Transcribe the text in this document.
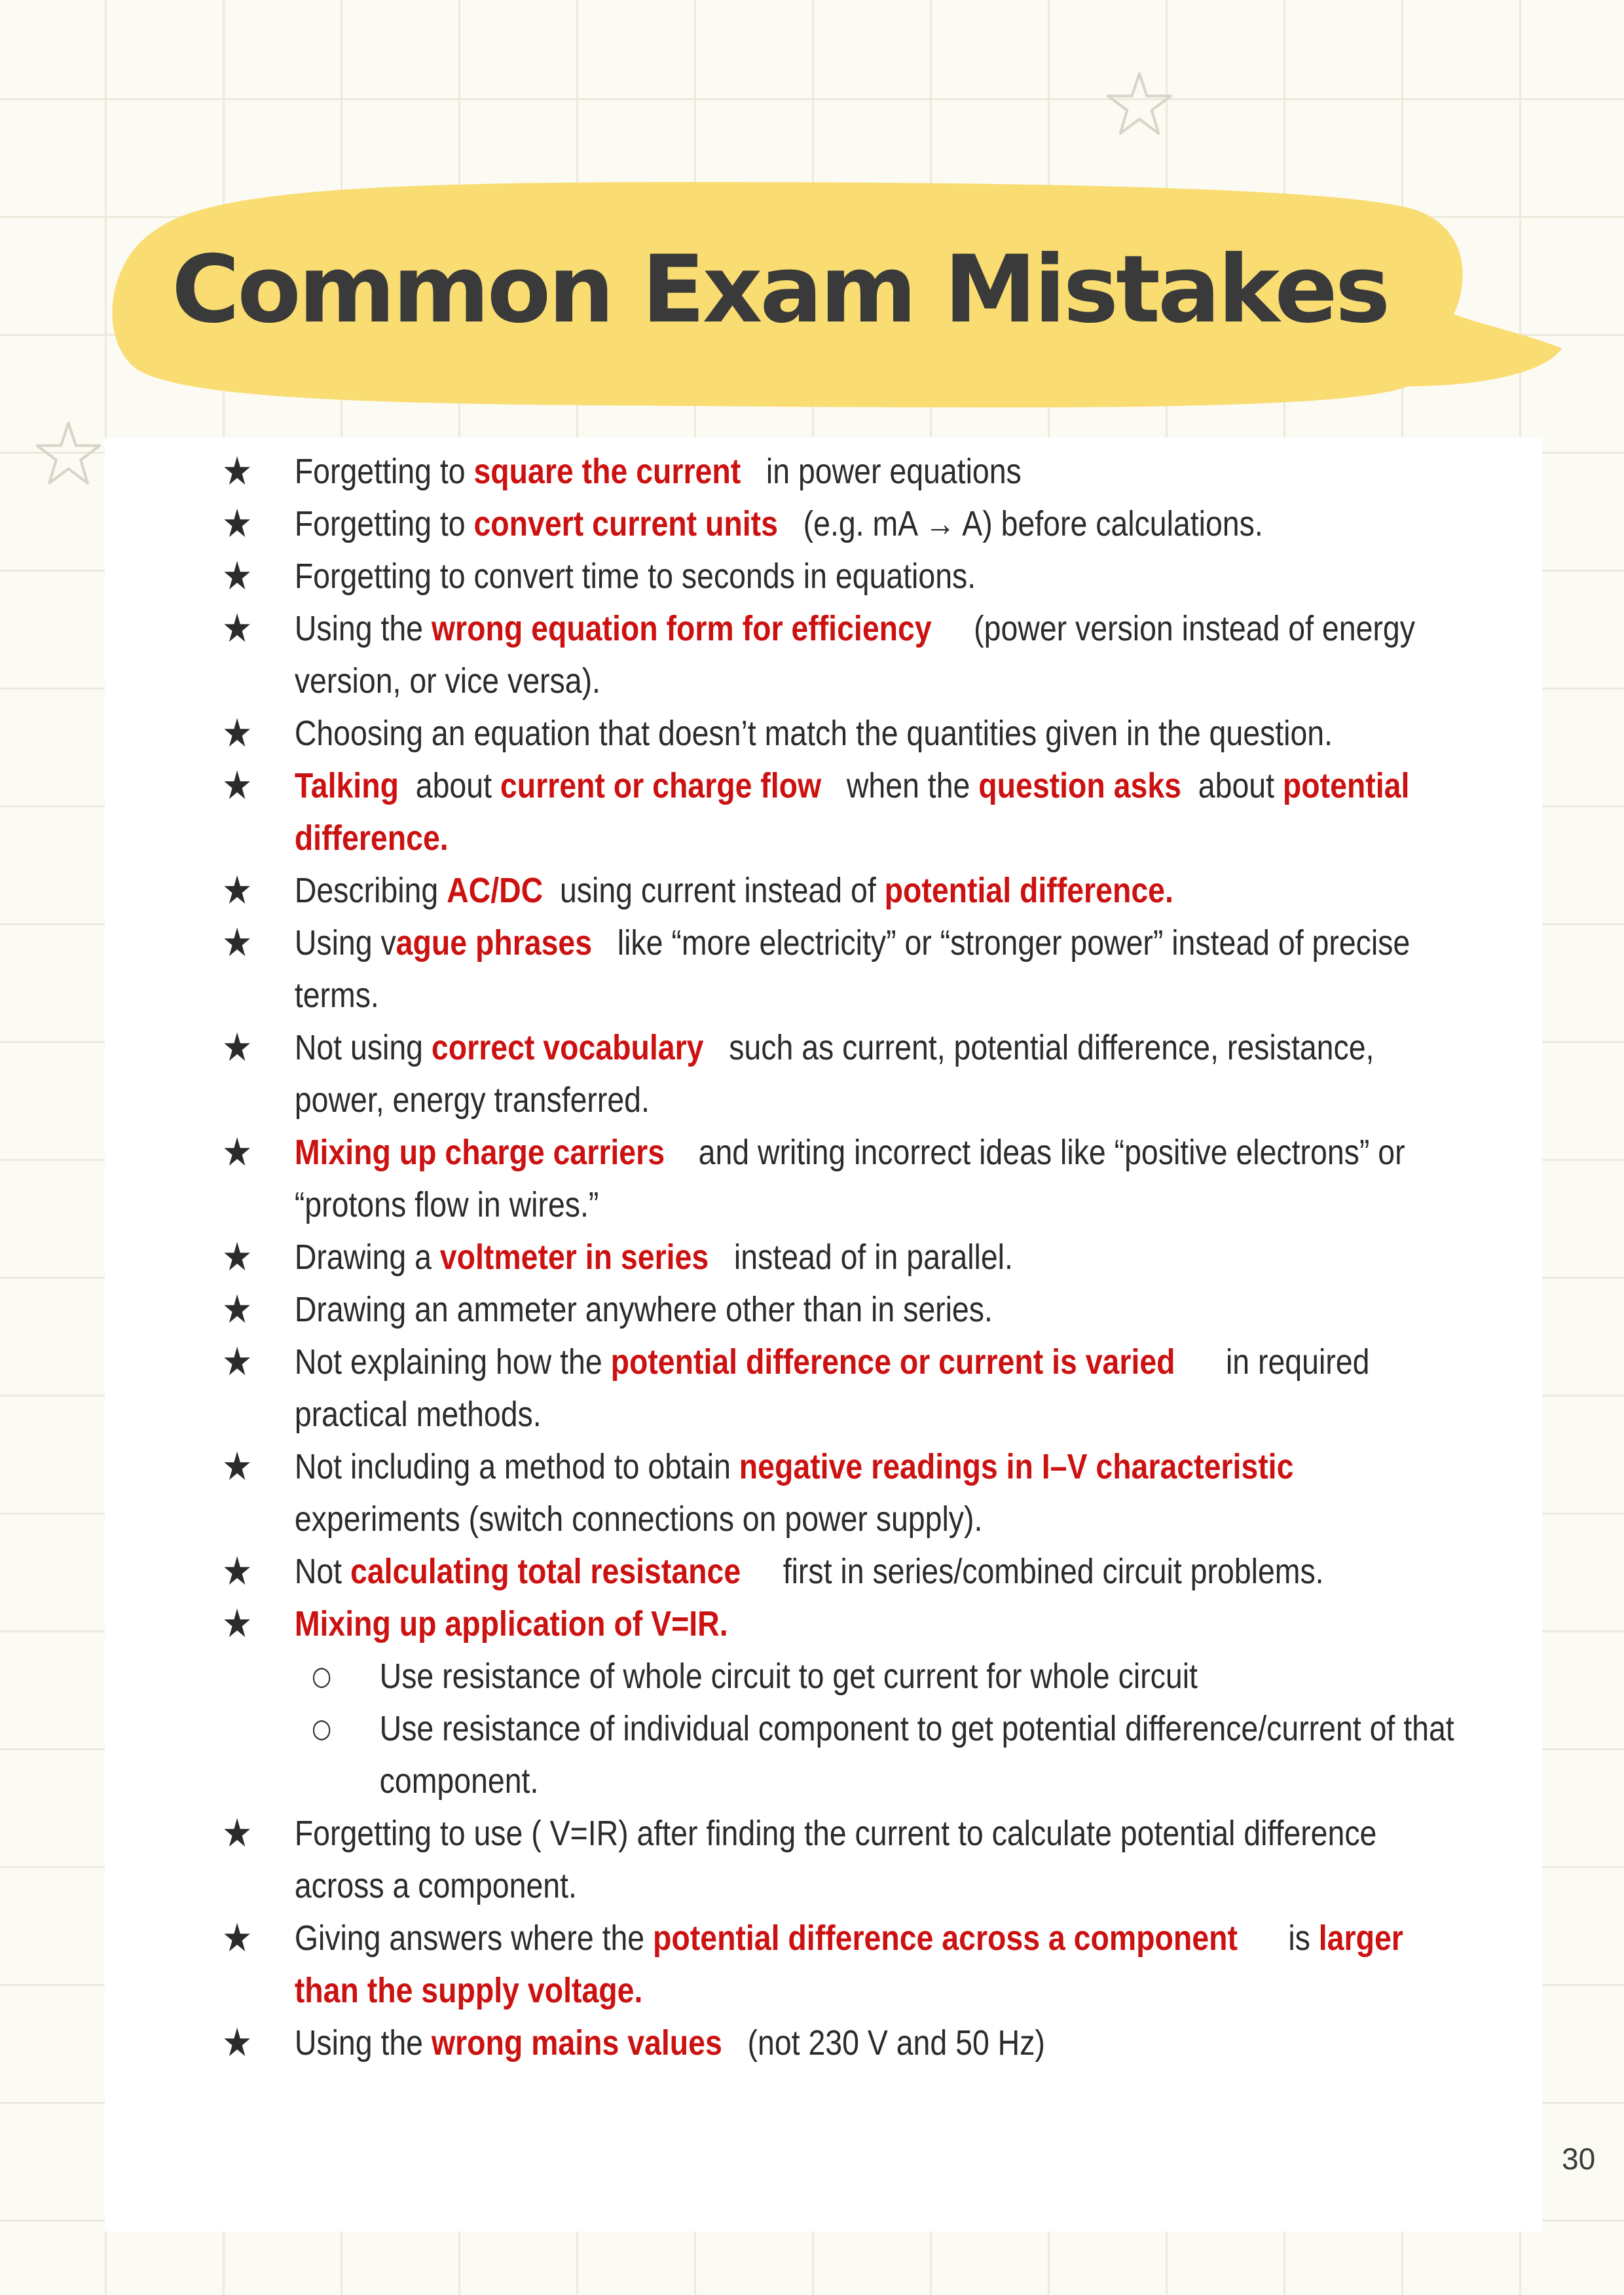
Common Exam Mistakes
★ Forgetting to square the current   in power equations
★ Forgetting to convert current units   (e.g. mA → A) before calculations.
★ Forgetting to convert time to seconds in equations.
★ Using the wrong equation form for efficiency     (power version instead of energy version, or vice versa).
★ Choosing an equation that doesn’t match the quantities given in the question.
★ Talking  about current or charge flow   when the question asks  about potential difference.
★ Describing AC/DC  using current instead of potential difference.
★ Using vague phrases   like “more electricity” or “stronger power” instead of precise terms.
★ Not using correct vocabulary   such as current, potential difference, resistance, power, energy transferred.
★ Mixing up charge carriers    and writing incorrect ideas like “positive electrons” or “protons flow in wires.”
★ Drawing a voltmeter in series   instead of in parallel.
★ Drawing an ammeter anywhere other than in series.
★ Not explaining how the potential difference or current is varied      in required practical methods.
★ Not including a method to obtain negative readings in I–V characteristic   experiments (switch connections on power supply).
★ Not calculating total resistance     first in series/combined circuit problems.
★ Mixing up application of V=IR.
○ Use resistance of whole circuit to get current for whole circuit
○ Use resistance of individual component to get potential difference/current of that component.
★ Forgetting to use ( V=IR) after finding the current to calculate potential difference across a component.
★ Giving answers where the potential difference across a component      is larger than the supply voltage.
★ Using the wrong mains values   (not 230 V and 50 Hz)
30
